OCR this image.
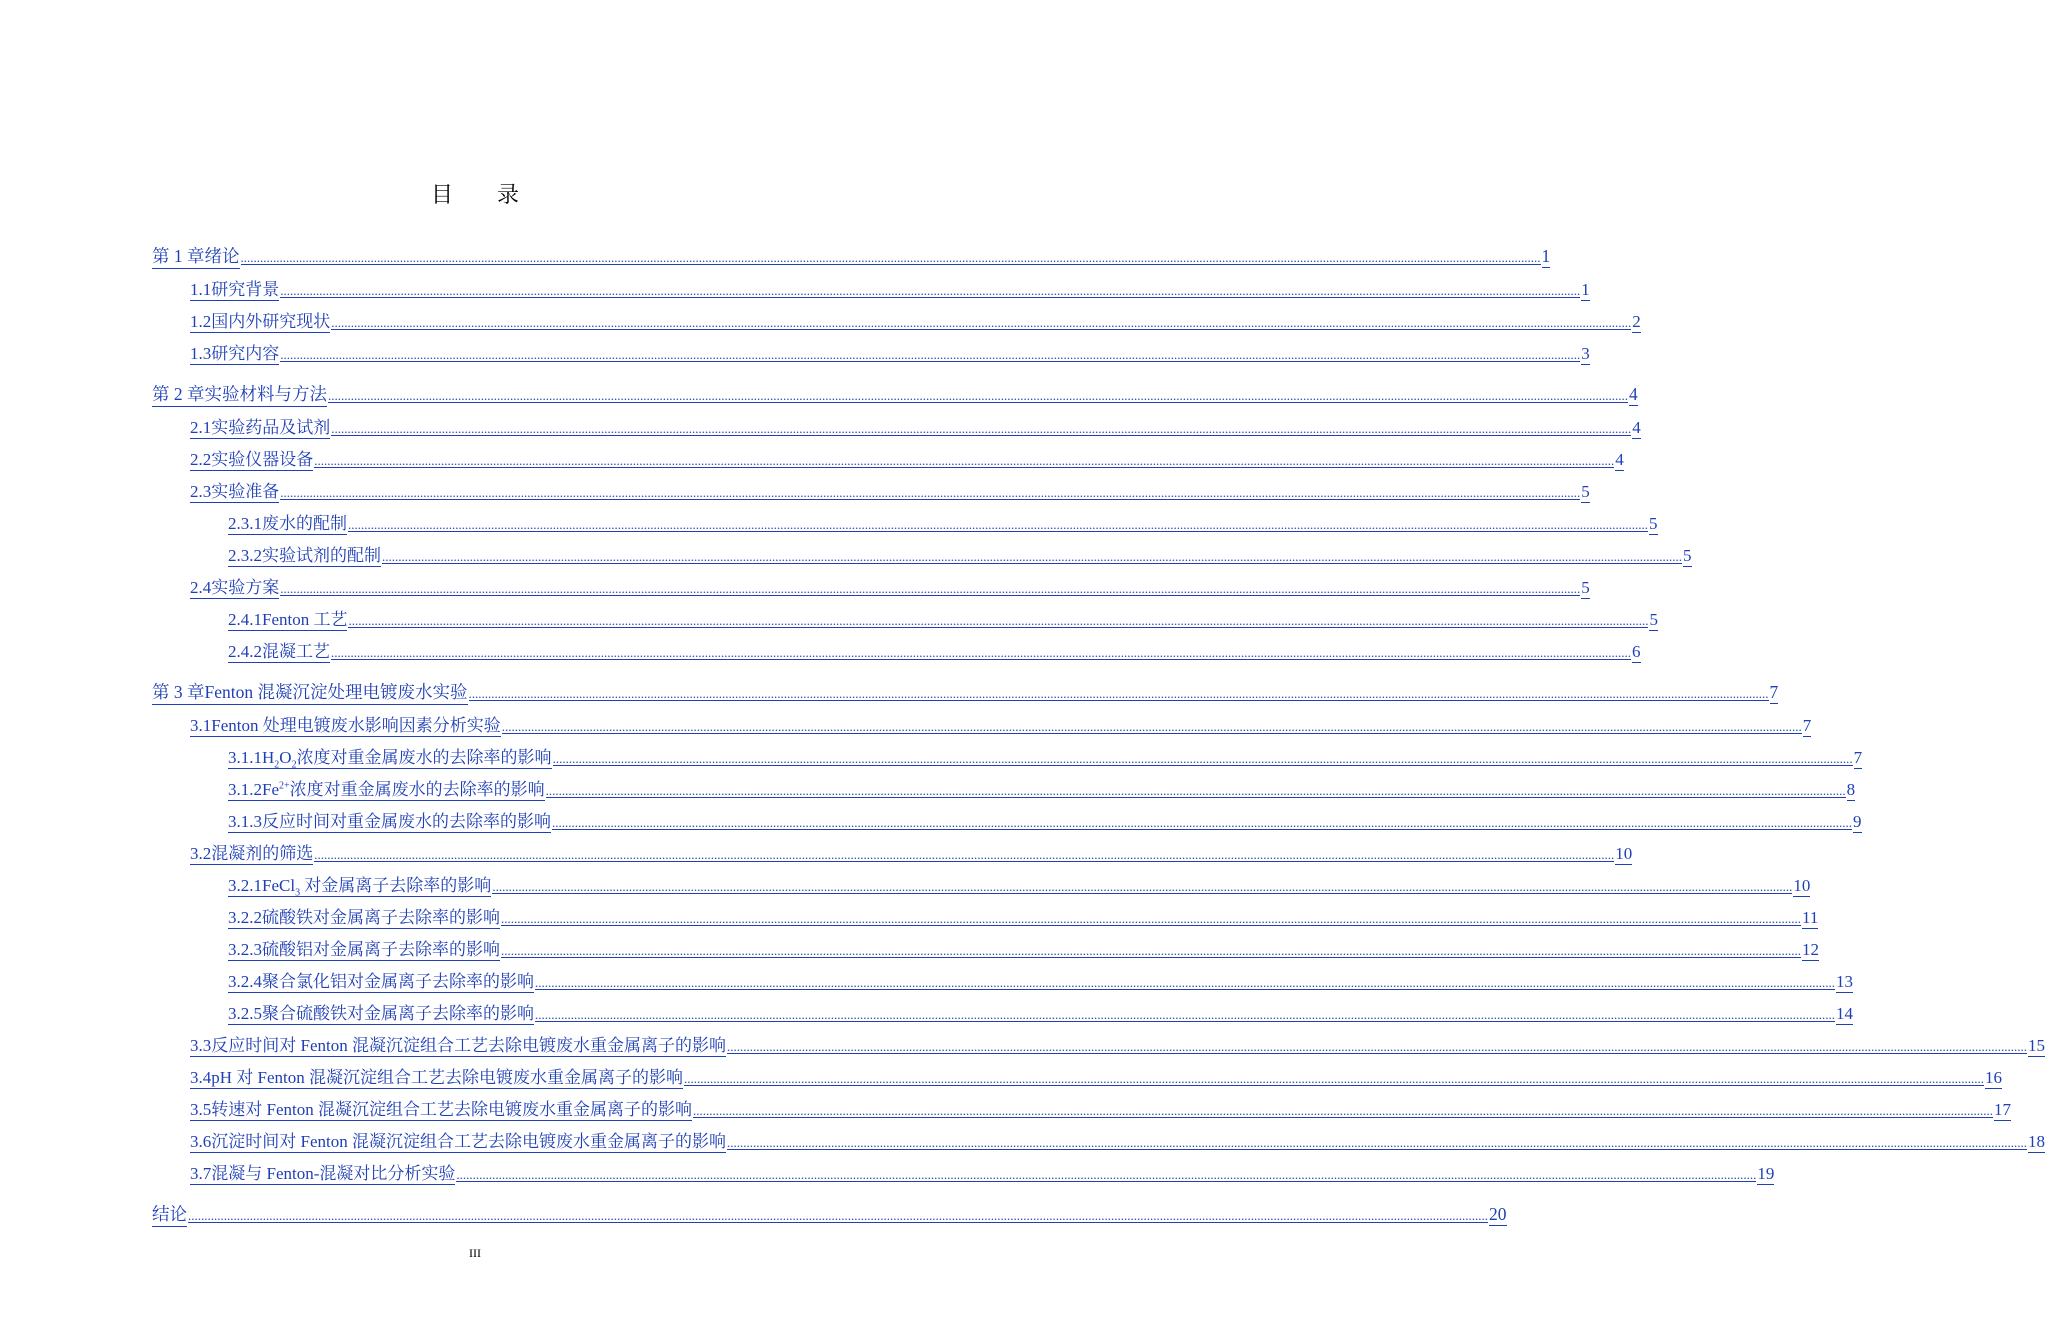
目 录
第 1 章 绪论 ................................................................................................................................................................................................................................................................................................................................................................................................................ 1
1.1 研究背景 ................................................................................................................................................................................................................................................................................................................................................................................................................ 1
1.2 国内外研究现状 ................................................................................................................................................................................................................................................................................................................................................................................................................ 2
1.3 研究内容 ................................................................................................................................................................................................................................................................................................................................................................................................................ 3
第 2 章 实验材料与方法 ................................................................................................................................................................................................................................................................................................................................................................................................................ 4
2.1 实验药品及试剂 ................................................................................................................................................................................................................................................................................................................................................................................................................ 4
2.2 实验仪器设备 ................................................................................................................................................................................................................................................................................................................................................................................................................ 4
2.3 实验准备 ................................................................................................................................................................................................................................................................................................................................................................................................................ 5
2.3.1 废水的配制 ................................................................................................................................................................................................................................................................................................................................................................................................................ 5
2.3.2 实验试剂的配制 ................................................................................................................................................................................................................................................................................................................................................................................................................ 5
2.4 实验方案 ................................................................................................................................................................................................................................................................................................................................................................................................................ 5
2.4.1 Fenton 工艺 ................................................................................................................................................................................................................................................................................................................................................................................................................ 5
2.4.2 混凝工艺 ................................................................................................................................................................................................................................................................................................................................................................................................................ 6
第 3 章 Fenton 混凝沉淀处理电镀废水实验 ................................................................................................................................................................................................................................................................................................................................................................................................................ 7
3.1 Fenton 处理电镀废水影响因素分析实验 ................................................................................................................................................................................................................................................................................................................................................................................................................ 7
3.1.1 $H_2O_2$浓度对重金属废水的去除率的影响 ................................................................................................................................................................................................................................................................................................................................................................................................................ 7
3.1.2 $Fe^{2+}$浓度对重金属废水的去除率的影响 ................................................................................................................................................................................................................................................................................................................................................................................................................ 8
3.1.3 反应时间对重金属废水的去除率的影响 ................................................................................................................................................................................................................................................................................................................................................................................................................ 9
3.2 混凝剂的筛选 ................................................................................................................................................................................................................................................................................................................................................................................................................ 10
3.2.1 FeCl$_3$ 对金属离子去除率的影响 ................................................................................................................................................................................................................................................................................................................................................................................................................ 10
3.2.2 硫酸铁对金属离子去除率的影响 ................................................................................................................................................................................................................................................................................................................................................................................................................ 11
3.2.3 硫酸铝对金属离子去除率的影响 ................................................................................................................................................................................................................................................................................................................................................................................................................ 12
3.2.4 聚合氯化铝对金属离子去除率的影响 ................................................................................................................................................................................................................................................................................................................................................................................................................ 13
3.2.5 聚合硫酸铁对金属离子去除率的影响 ................................................................................................................................................................................................................................................................................................................................................................................................................ 14
3.3 反应时间对 Fenton 混凝沉淀组合工艺去除电镀废水重金属离子的影响 ................................................................................................................................................................................................................................................................................................................................................................................................................ 15
3.4 pH 对 Fenton 混凝沉淀组合工艺去除电镀废水重金属离子的影响 ................................................................................................................................................................................................................................................................................................................................................................................................................ 16
3.5 转速对 Fenton 混凝沉淀组合工艺去除电镀废水重金属离子的影响 ................................................................................................................................................................................................................................................................................................................................................................................................................ 17
3.6 沉淀时间对 Fenton 混凝沉淀组合工艺去除电镀废水重金属离子的影响 ................................................................................................................................................................................................................................................................................................................................................................................................................ 18
3.7 混凝与 Fenton-混凝对比分析实验 ................................................................................................................................................................................................................................................................................................................................................................................................................ 19
结 论 ................................................................................................................................................................................................................................................................................................................................................................................................................ 20
III
